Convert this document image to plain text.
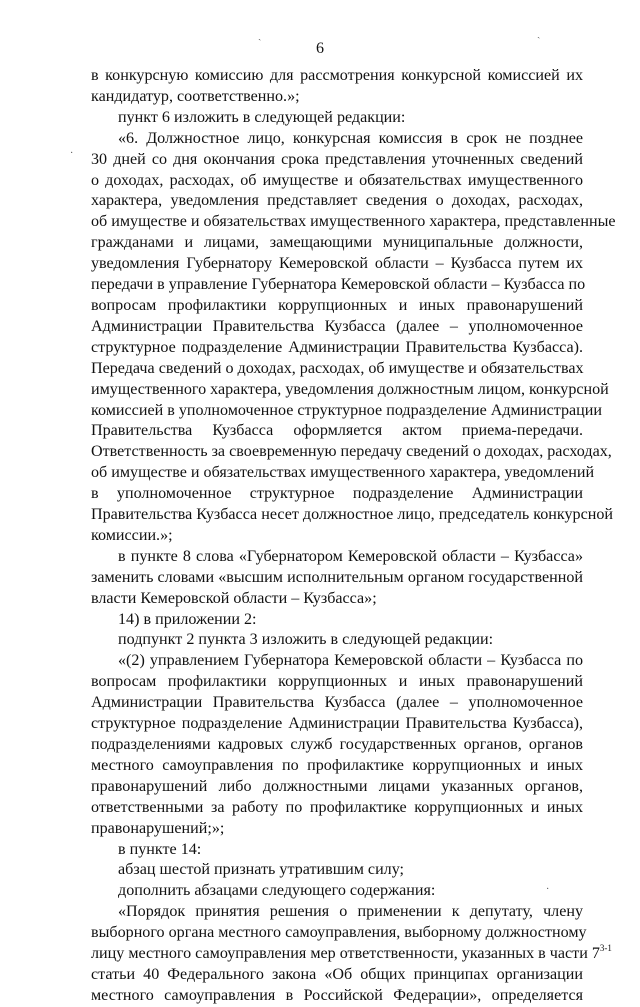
6
ˏ	ˏ
·
·
в конкурсную комиссию для рассмотрения конкурсной комиссией их
кандидатур, соответственно.»;
пункт 6 изложить в следующей редакции:
«6. Должностное лицо, конкурсная комиссия в срок не позднее
30 дней со дня окончания срока представления уточненных сведений
о доходах, расходах, об имуществе и обязательствах имущественного
характера, уведомления представляет сведения о доходах, расходах,
об имуществе и обязательствах имущественного характера, представленные
гражданами и лицами, замещающими муниципальные должности,
уведомления Губернатору Кемеровской области – Кузбасса путем их
передачи в управление Губернатора Кемеровской области – Кузбасса по
вопросам профилактики коррупционных и иных правонарушений
Администрации Правительства Кузбасса (далее – уполномоченное
структурное подразделение Администрации Правительства Кузбасса).
Передача сведений о доходах, расходах, об имуществе и обязательствах
имущественного характера, уведомления должностным лицом, конкурсной
комиссией в уполномоченное структурное подразделение Администрации
Правительства Кузбасса оформляется актом приема-передачи.
Ответственность за своевременную передачу сведений о доходах, расходах,
об имуществе и обязательствах имущественного характера, уведомлений
в уполномоченное структурное подразделение Администрации
Правительства Кузбасса несет должностное лицо, председатель конкурсной
комиссии.»;
в пункте 8 слова «Губернатором Кемеровской области – Кузбасса»
заменить словами «высшим исполнительным органом государственной
власти Кемеровской области – Кузбасса»;
14) в приложении 2:
подпункт 2 пункта 3 изложить в следующей редакции:
«(2) управлением Губернатора Кемеровской области – Кузбасса по
вопросам профилактики коррупционных и иных правонарушений
Администрации Правительства Кузбасса (далее – уполномоченное
структурное подразделение Администрации Правительства Кузбасса),
подразделениями кадровых служб государственных органов, органов
местного самоуправления по профилактике коррупционных и иных
правонарушений либо должностными лицами указанных органов,
ответственными за работу по профилактике коррупционных и иных
правонарушений;»;
в пункте 14:
абзац шестой признать утратившим силу;
дополнить абзацами следующего содержания:
«Порядок принятия решения о применении к депутату, члену
выборного органа местного самоуправления, выборному должностному
лицу местного самоуправления мер ответственности, указанных в части 7$^{3-1}$
статьи 40 Федерального закона «Об общих принципах организации
местного самоуправления в Российской Федерации», определяется
